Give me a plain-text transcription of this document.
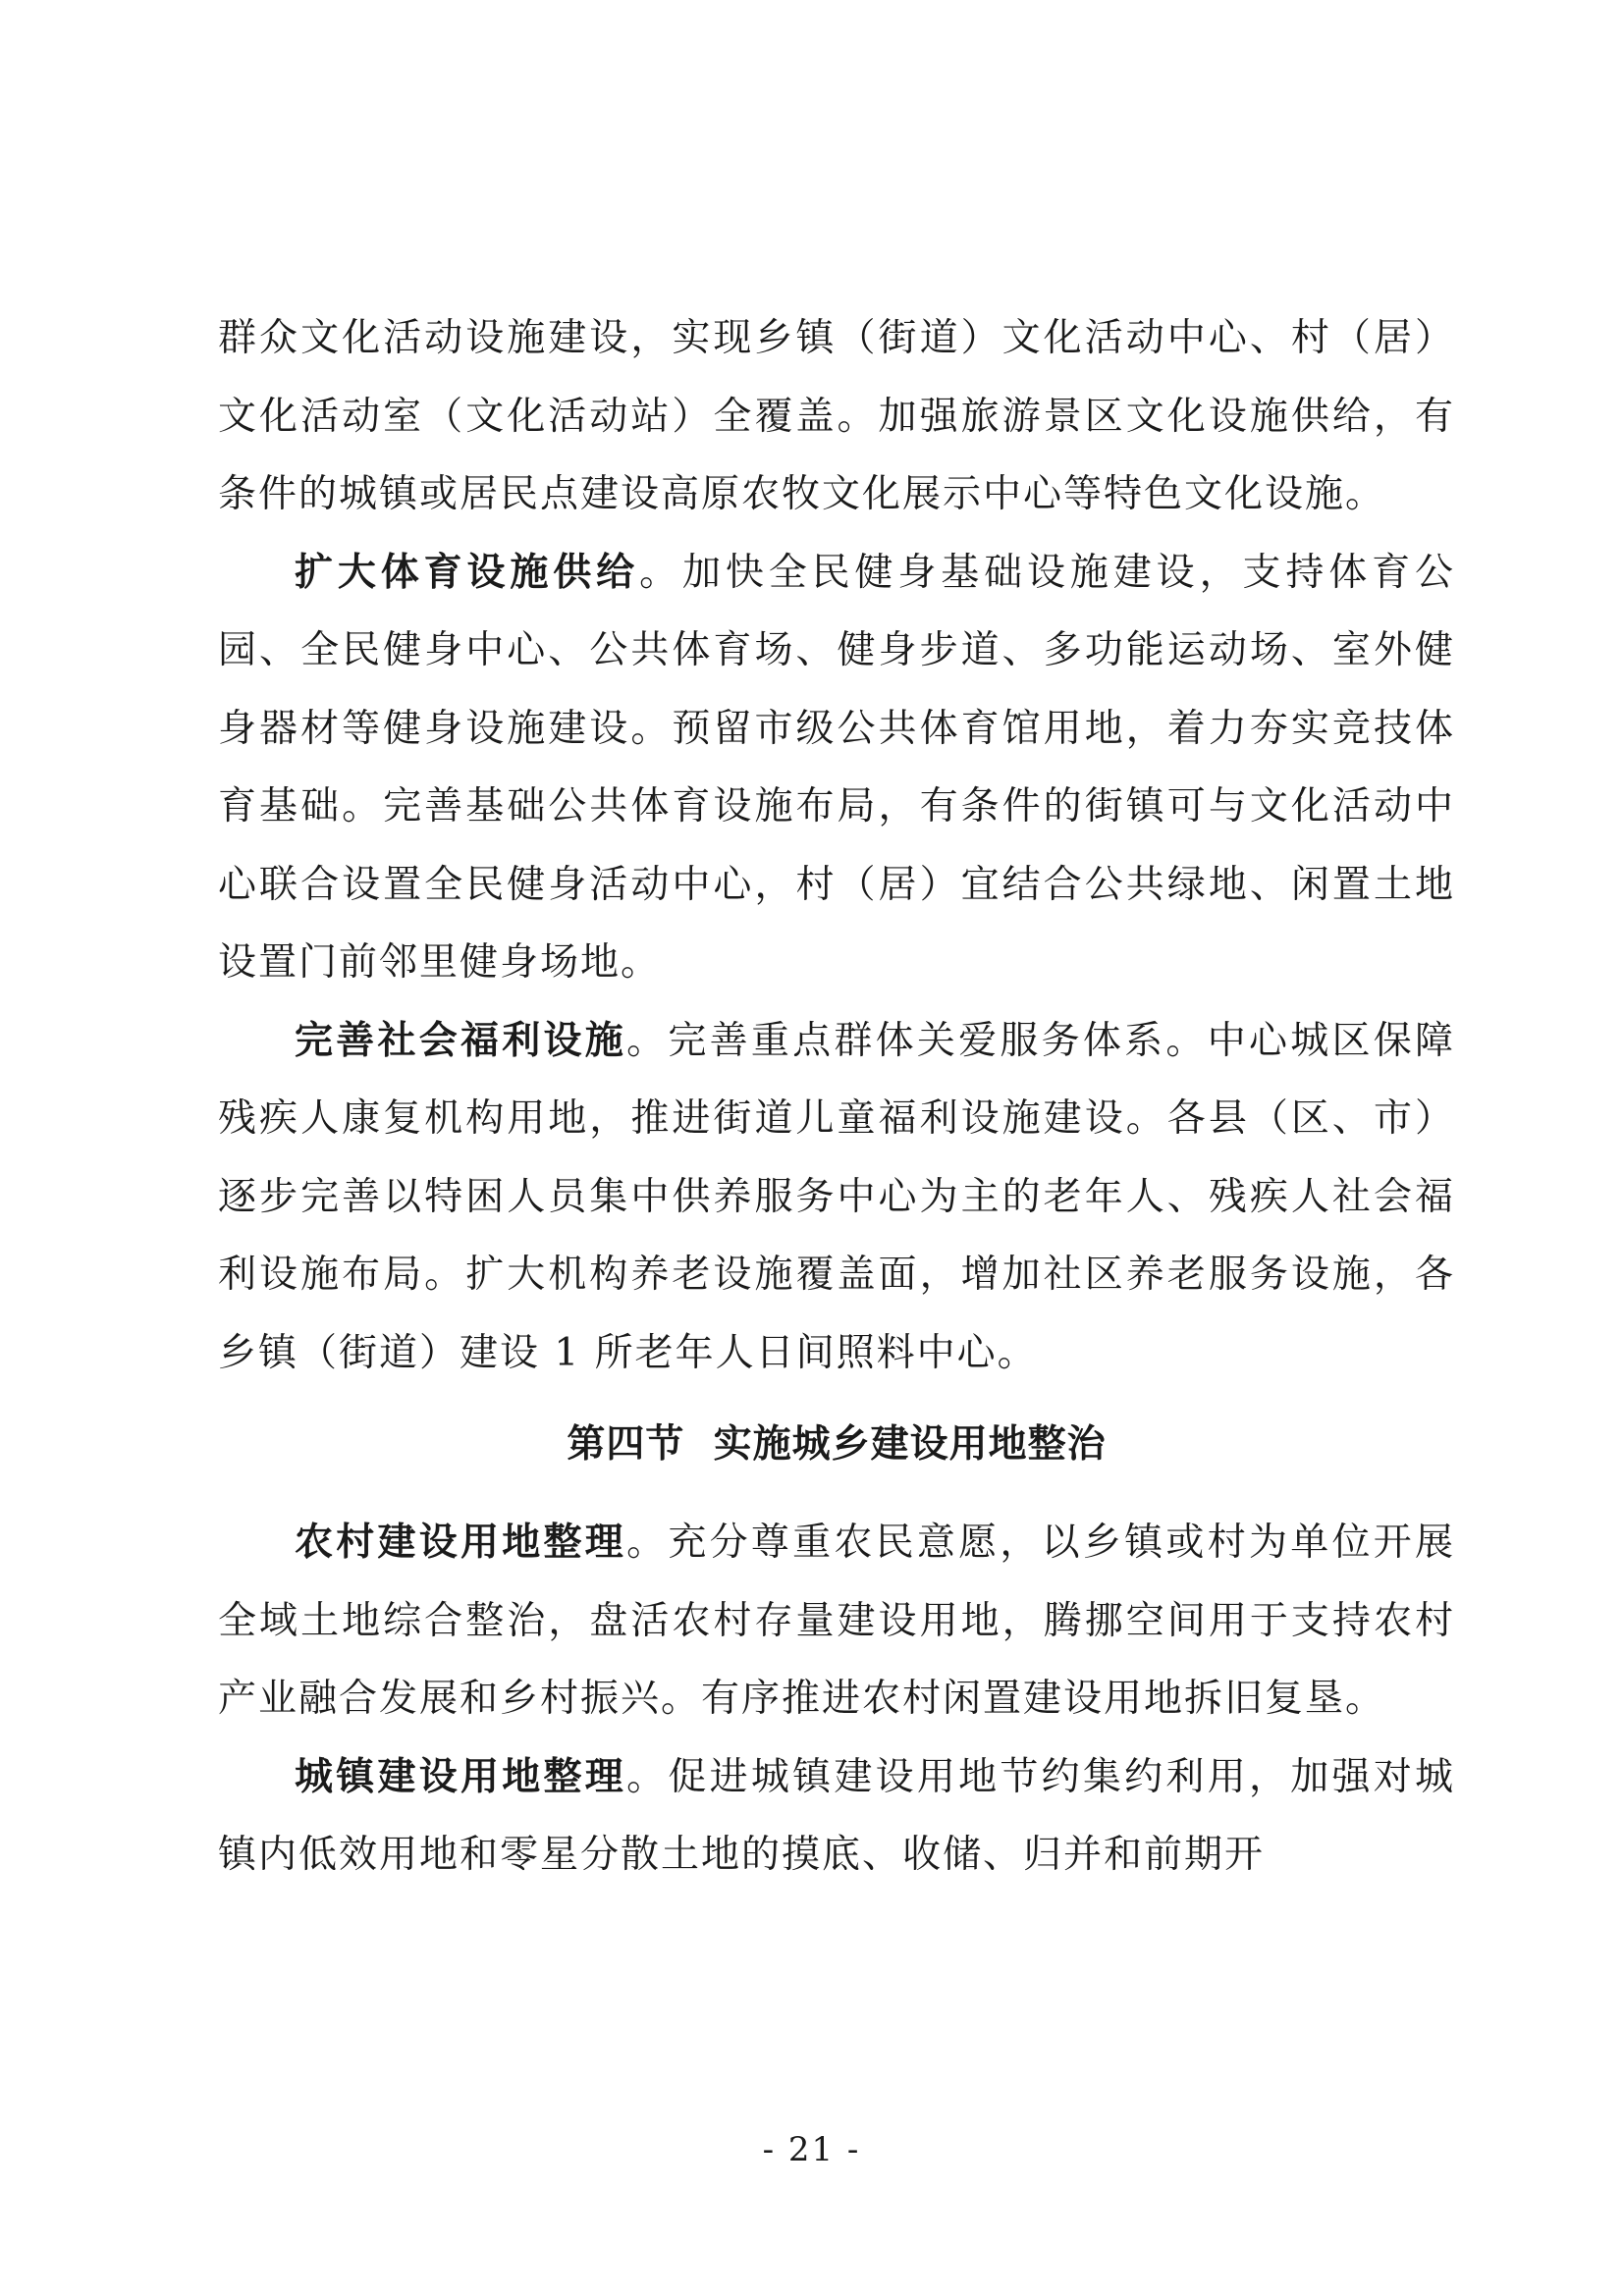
群众文化活动设施建设，实现乡镇（街道）文化活动中心、村（居）文化活动室（文化活动站）全覆盖。加强旅游景区文化设施供给，有条件的城镇或居民点建设高原农牧文化展示中心等特色文化设施。

扩大体育设施供给。加快全民健身基础设施建设，支持体育公园、全民健身中心、公共体育场、健身步道、多功能运动场、室外健身器材等健身设施建设。预留市级公共体育馆用地，着力夯实竞技体育基础。完善基础公共体育设施布局，有条件的街镇可与文化活动中心联合设置全民健身活动中心，村（居）宜结合公共绿地、闲置土地设置门前邻里健身场地。

完善社会福利设施。完善重点群体关爱服务体系。中心城区保障残疾人康复机构用地，推进街道儿童福利设施建设。各县（区、市）逐步完善以特困人员集中供养服务中心为主的老年人、残疾人社会福利设施布局。扩大机构养老设施覆盖面，增加社区养老服务设施，各乡镇（街道）建设 1 所老年人日间照料中心。

第四节  实施城乡建设用地整治

农村建设用地整理。充分尊重农民意愿，以乡镇或村为单位开展全域土地综合整治，盘活农村存量建设用地，腾挪空间用于支持农村产业融合发展和乡村振兴。有序推进农村闲置建设用地拆旧复垦。

城镇建设用地整理。促进城镇建设用地节约集约利用，加强对城镇内低效用地和零星分散土地的摸底、收储、归并和前期开

- 21 -
